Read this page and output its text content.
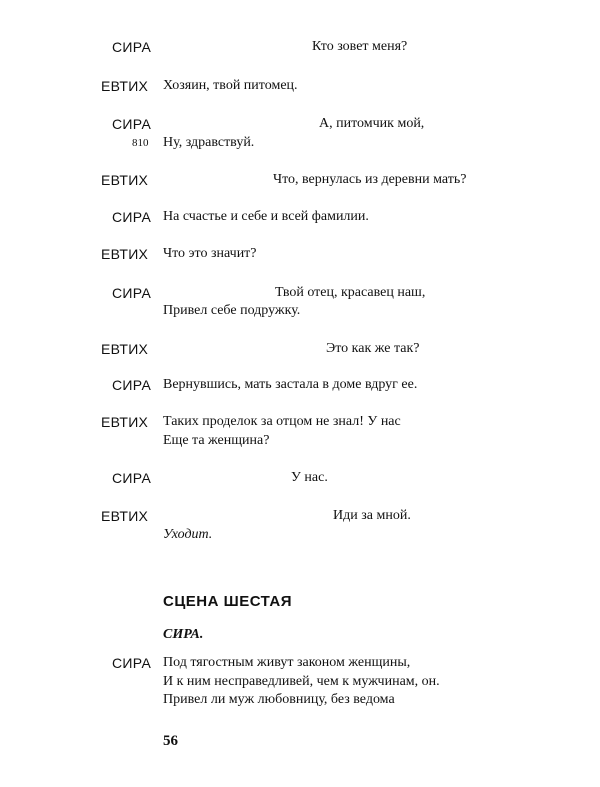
СИРА	Кто зовет меня?
ЕВТИХ Хозяин, твой питомец.
СИРА	А, питомчик мой,
810 Ну, здравствуй.
ЕВТИХ	Что, вернулась из деревни мать?
СИРА На счастье и себе и всей фамилии.
ЕВТИХ Что это значит?
СИРА	Твой отец, красавец наш,
Привел себе подружку.
ЕВТИХ	Это как же так?
СИРА Вернувшись, мать застала в доме вдруг ее.
ЕВТИХ Таких проделок за отцом не знал! У нас
Еще та женщина?
СИРА	У нас.
ЕВТИХ	Иди за мной.
Уходит.
СЦЕНА ШЕСТАЯ
СИРА.
СИРА Под тягостным живут законом женщины,
И к ним несправедливей, чем к мужчинам, он.
Привел ли муж любовницу, без ведома
56
